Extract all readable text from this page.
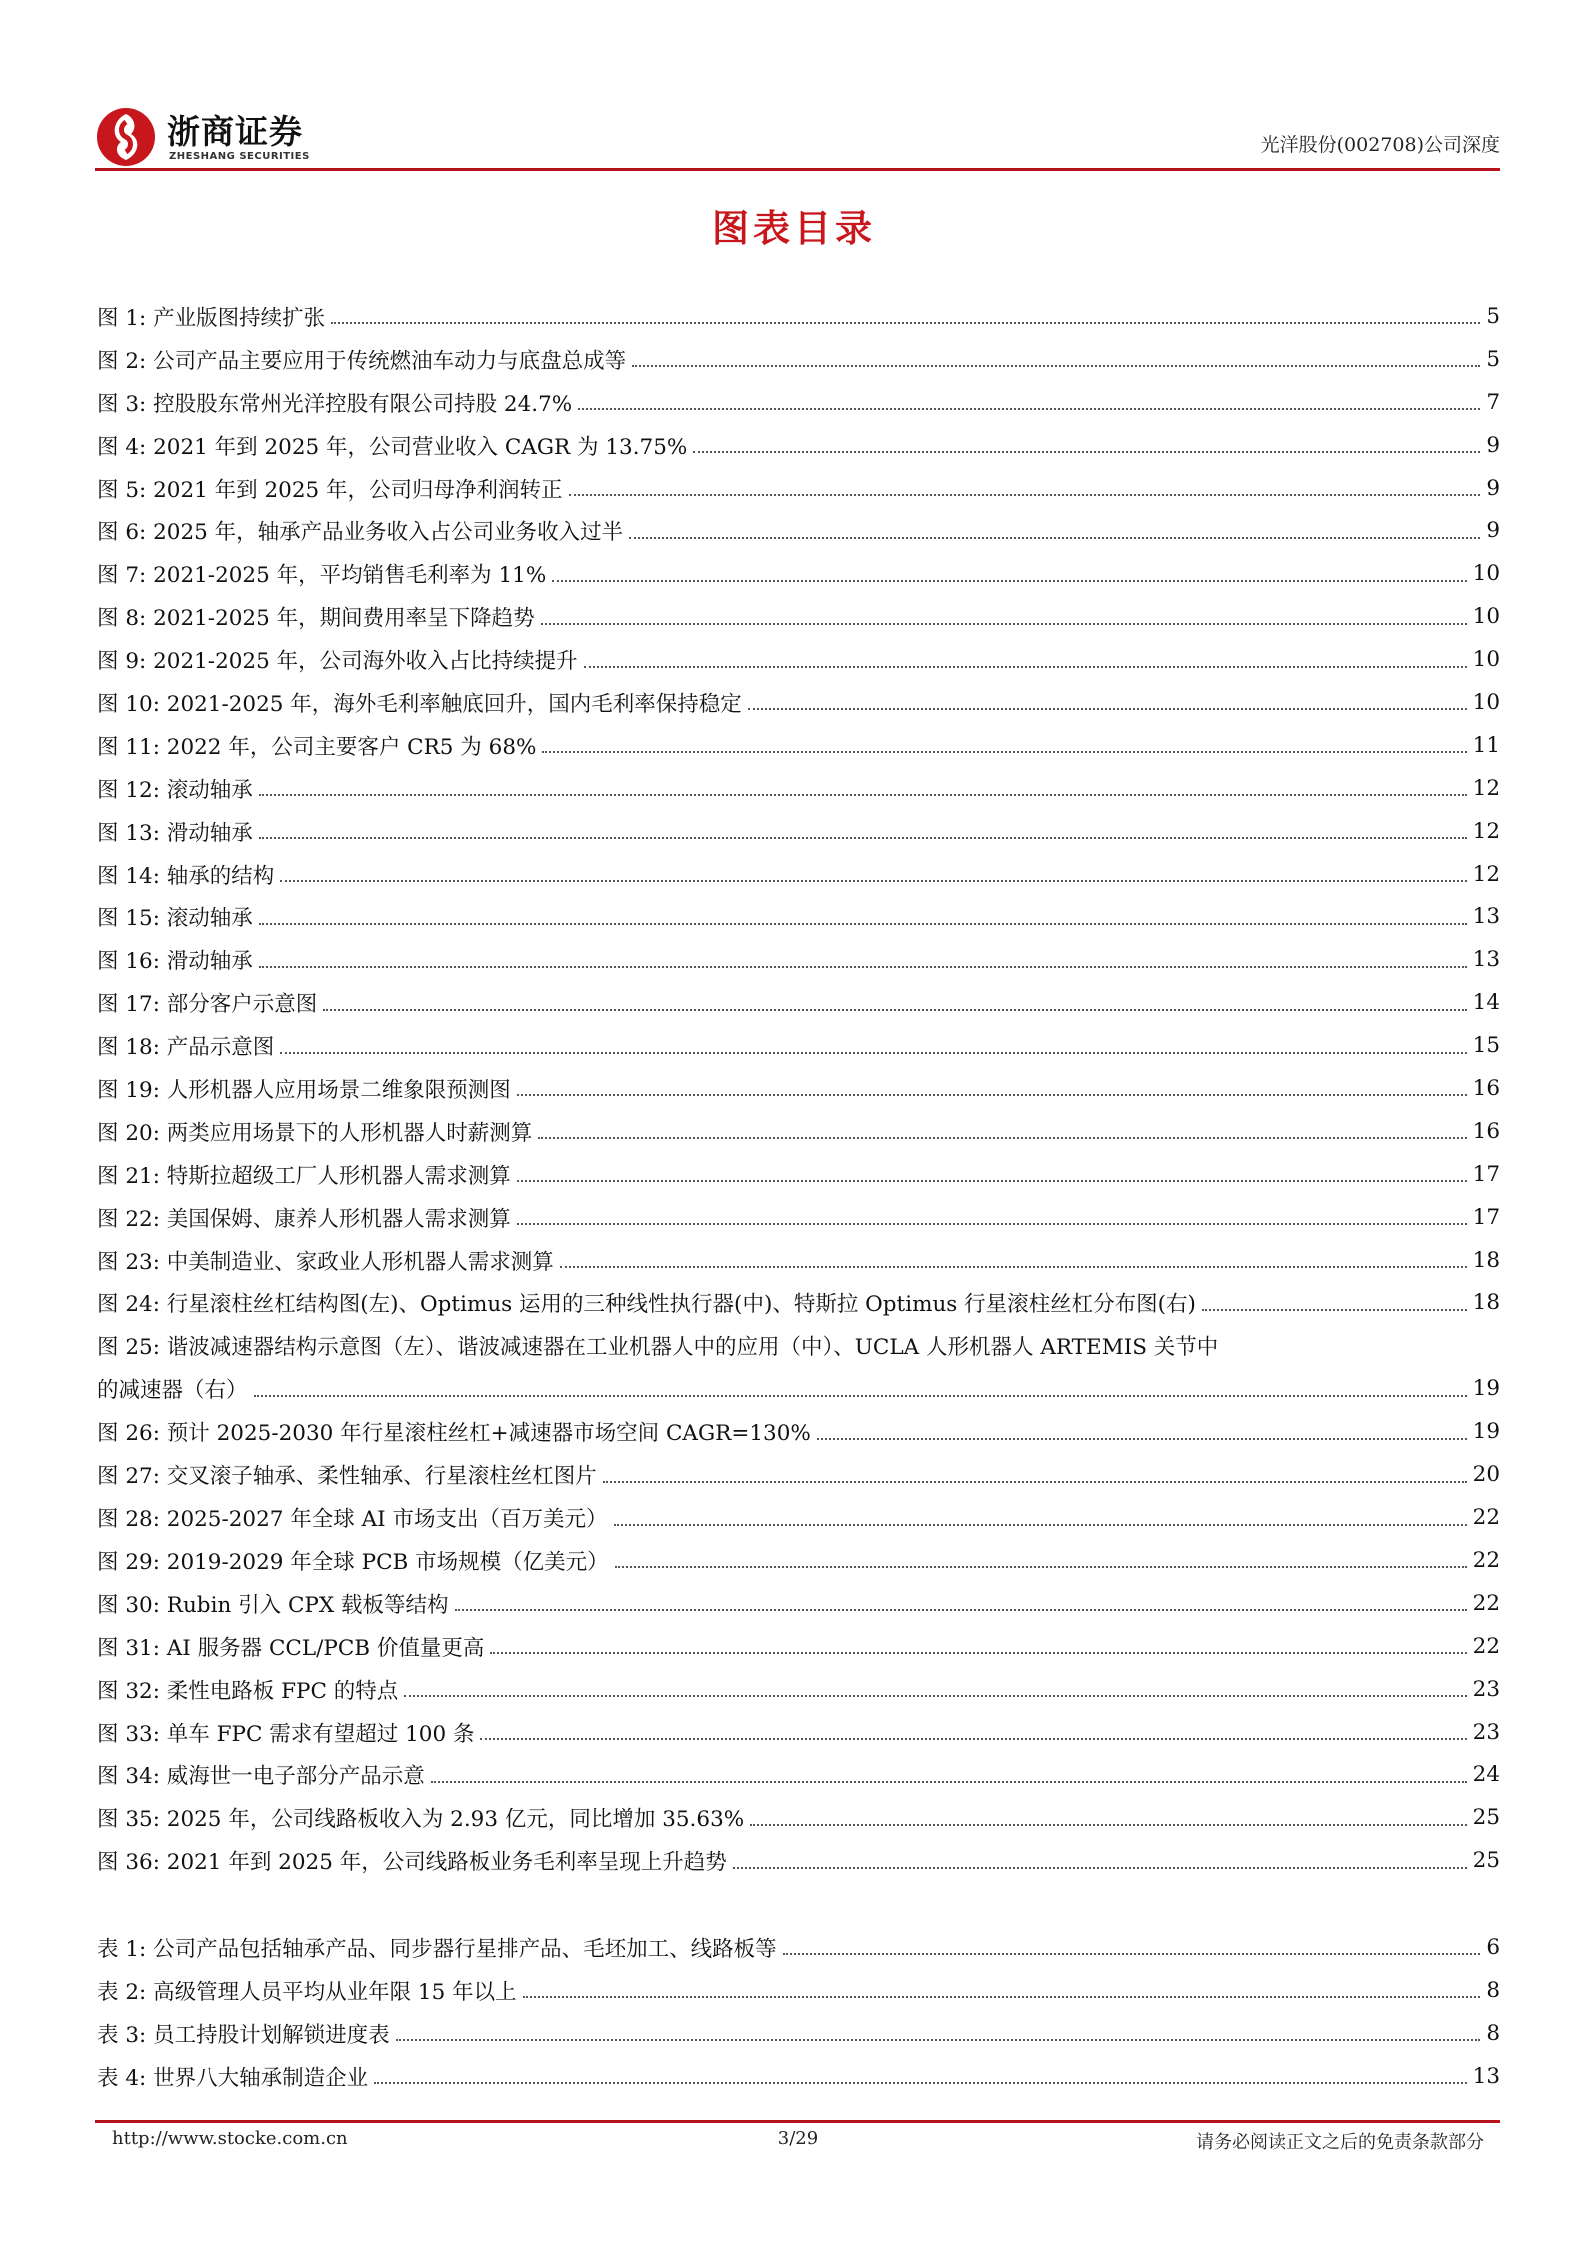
浙商证券
ZHESHANG SECURITIES
光洋股份(002708)公司深度
图表目录
图 1: 产业版图持续扩张	5
图 2: 公司产品主要应用于传统燃油车动力与底盘总成等	5
图 3: 控股股东常州光洋控股有限公司持股 24.7%	7
图 4: 2021 年到 2025 年，公司营业收入 CAGR 为 13.75%	9
图 5: 2021 年到 2025 年，公司归母净利润转正	9
图 6: 2025 年，轴承产品业务收入占公司业务收入过半	9
图 7: 2021-2025 年，平均销售毛利率为 11%	10
图 8: 2021-2025 年，期间费用率呈下降趋势	10
图 9: 2021-2025 年，公司海外收入占比持续提升	10
图 10: 2021-2025 年，海外毛利率触底回升，国内毛利率保持稳定	10
图 11: 2022 年，公司主要客户 CR5 为 68%	11
图 12: 滚动轴承	12
图 13: 滑动轴承	12
图 14: 轴承的结构	12
图 15: 滚动轴承	13
图 16: 滑动轴承	13
图 17: 部分客户示意图	14
图 18: 产品示意图	15
图 19: 人形机器人应用场景二维象限预测图	16
图 20: 两类应用场景下的人形机器人时薪测算	16
图 21: 特斯拉超级工厂人形机器人需求测算	17
图 22: 美国保姆、康养人形机器人需求测算	17
图 23: 中美制造业、家政业人形机器人需求测算	18
图 24: 行星滚柱丝杠结构图(左)、Optimus 运用的三种线性执行器(中)、特斯拉 Optimus 行星滚柱丝杠分布图(右)	18
图 25: 谐波减速器结构示意图（左）、谐波减速器在工业机器人中的应用（中）、UCLA 人形机器人 ARTEMIS 关节中
的减速器（右）	19
图 26: 预计 2025-2030 年行星滚柱丝杠+减速器市场空间 CAGR=130%	19
图 27: 交叉滚子轴承、柔性轴承、行星滚柱丝杠图片	20
图 28: 2025-2027 年全球 AI 市场支出（百万美元）	22
图 29: 2019-2029 年全球 PCB 市场规模（亿美元）	22
图 30: Rubin 引入 CPX 载板等结构	22
图 31: AI 服务器 CCL/PCB 价值量更高	22
图 32: 柔性电路板 FPC 的特点	23
图 33: 单车 FPC 需求有望超过 100 条	23
图 34: 威海世一电子部分产品示意	24
图 35: 2025 年，公司线路板收入为 2.93 亿元，同比增加 35.63%	25
图 36: 2021 年到 2025 年，公司线路板业务毛利率呈现上升趋势	25
表 1: 公司产品包括轴承产品、同步器行星排产品、毛坯加工、线路板等	6
表 2: 高级管理人员平均从业年限 15 年以上	8
表 3: 员工持股计划解锁进度表	8
表 4: 世界八大轴承制造企业	13
http://www.stocke.com.cn	3/29	请务必阅读正文之后的免责条款部分
